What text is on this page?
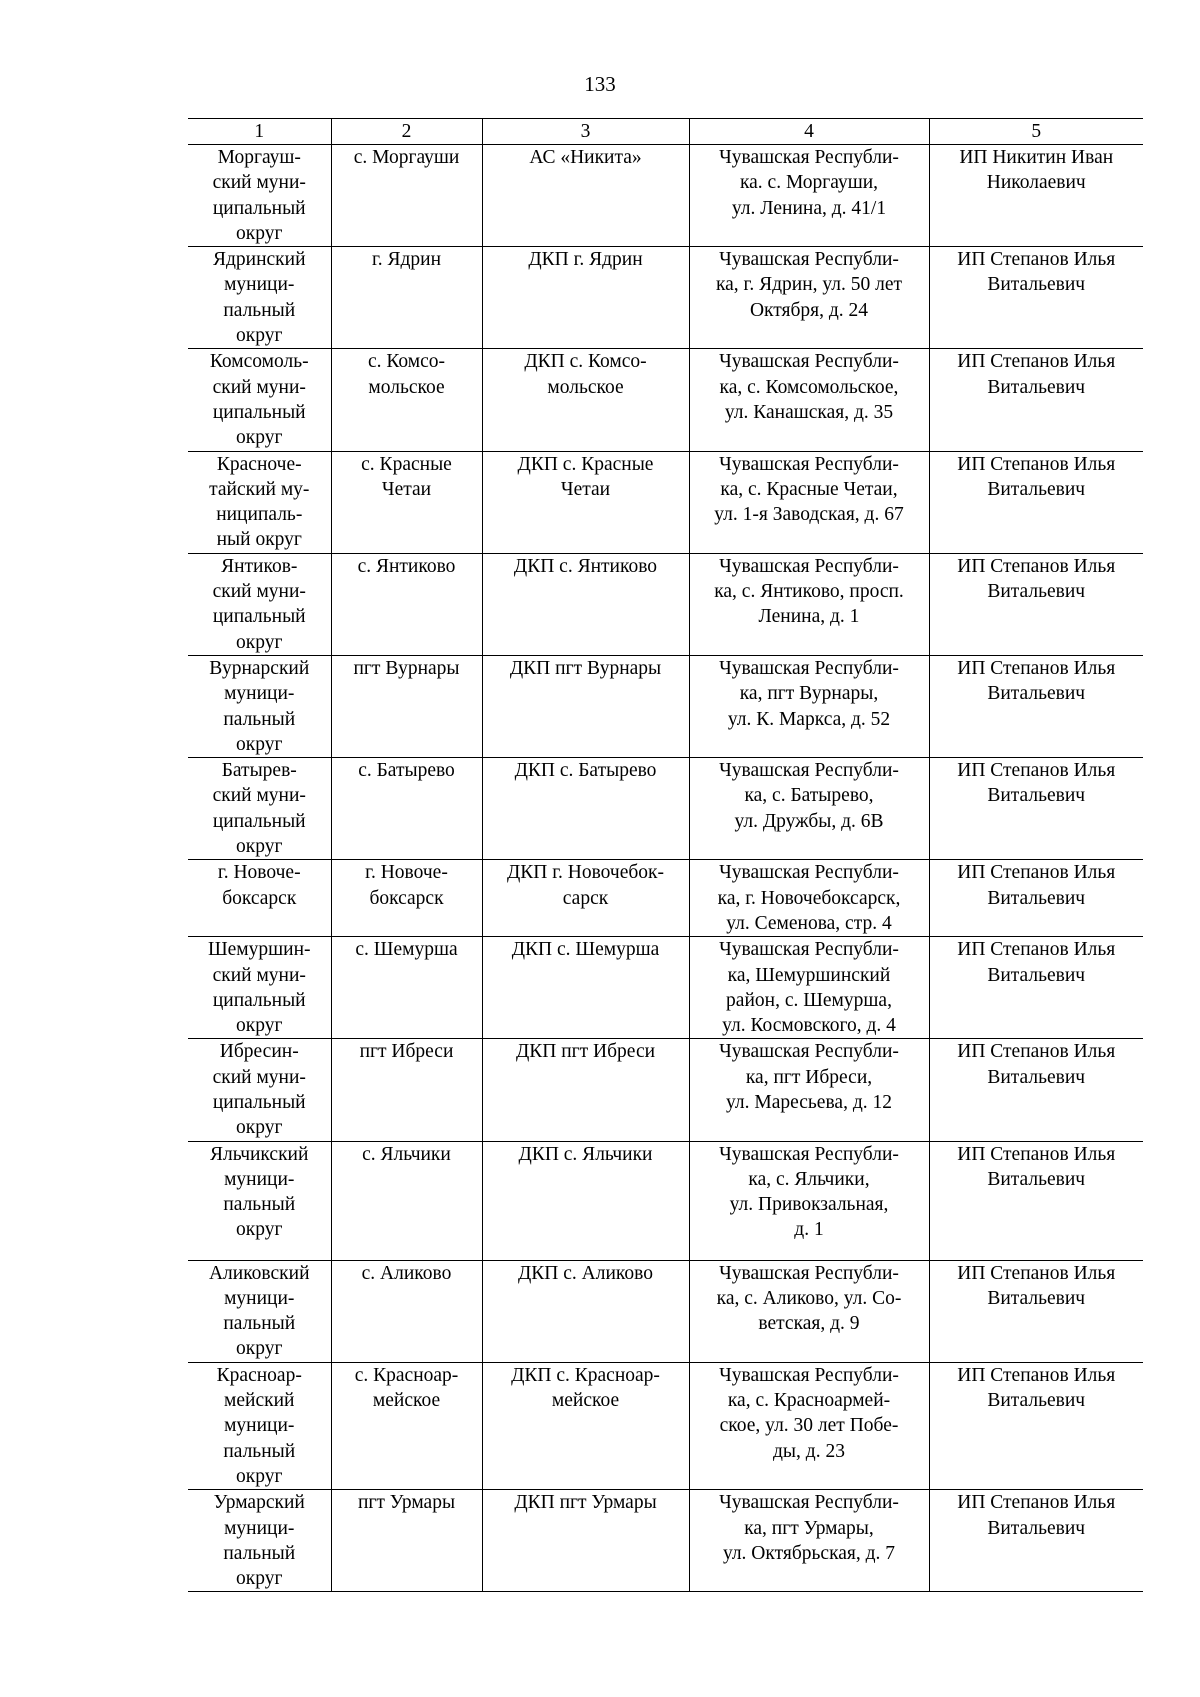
133
1	2	3	4	5

Моргауш-
ский муни-
ципальный
округ	с. Моргауши	АС «Никита»	Чувашская Республи-
ка. с. Моргауши,
ул. Ленина, д. 41/1	ИП Никитин Иван
Николаевич

Ядринский
муници-
пальный
округ	г. Ядрин	ДКП г. Ядрин	Чувашская Республи-
ка, г. Ядрин, ул. 50 лет
Октября, д. 24	ИП Степанов Илья
Витальевич

Комсомоль-
ский муни-
ципальный
округ	с. Комсо-
мольское	ДКП с. Комсо-
мольское	Чувашская Республи-
ка, с. Комсомольское,
ул. Канашская, д. 35	ИП Степанов Илья
Витальевич

Красноче-
тайский му-
ниципаль-
ный округ	с. Красные
Четаи	ДКП с. Красные
Четаи	Чувашская Республи-
ка, с. Красные Четаи,
ул. 1-я Заводская, д. 67	ИП Степанов Илья
Витальевич

Янтиков-
ский муни-
ципальный
округ	с. Янтиково	ДКП с. Янтиково	Чувашская Республи-
ка, с. Янтиково, просп.
Ленина, д. 1	ИП Степанов Илья
Витальевич

Вурнарский
муници-
пальный
округ	пгт Вурнары	ДКП пгт Вурнары	Чувашская Республи-
ка, пгт Вурнары,
ул. К. Маркса, д. 52	ИП Степанов Илья
Витальевич

Батырев-
ский муни-
ципальный
округ	с. Батырево	ДКП с. Батырево	Чувашская Республи-
ка, с. Батырево,
ул. Дружбы, д. 6В	ИП Степанов Илья
Витальевич

г. Новоче-
боксарск	г. Новоче-
боксарск	ДКП г. Новочебок-
сарск	Чувашская Республи-
ка, г. Новочебоксарск,
ул. Семенова, стр. 4	ИП Степанов Илья
Витальевич

Шемуршин-
ский муни-
ципальный
округ	с. Шемурша	ДКП с. Шемурша	Чувашская Республи-
ка, Шемуршинский
район, с. Шемурша,
ул. Космовского, д. 4	ИП Степанов Илья
Витальевич

Ибресин-
ский муни-
ципальный
округ	пгт Ибреси	ДКП пгт Ибреси	Чувашская Республи-
ка, пгт Ибреси,
ул. Маресьева, д. 12	ИП Степанов Илья
Витальевич

Яльчикский
муници-
пальный
округ	с. Яльчики	ДКП с. Яльчики	Чувашская Республи-
ка, с. Яльчики,
ул. Привокзальная,
д. 1	ИП Степанов Илья
Витальевич

Аликовский
муници-
пальный
округ	с. Аликово	ДКП с. Аликово	Чувашская Республи-
ка, с. Аликово, ул. Со-
ветская, д. 9	ИП Степанов Илья
Витальевич

Красноар-
мейский
муници-
пальный
округ	с. Красноар-
мейское	ДКП с. Красноар-
мейское	Чувашская Республи-
ка, с. Красноармей-
ское, ул. 30 лет Побе-
ды, д. 23	ИП Степанов Илья
Витальевич

Урмарский
муници-
пальный
округ	пгт Урмары	ДКП пгт Урмары	Чувашская Республи-
ка, пгт Урмары,
ул. Октябрьская, д. 7	ИП Степанов Илья
Витальевич
